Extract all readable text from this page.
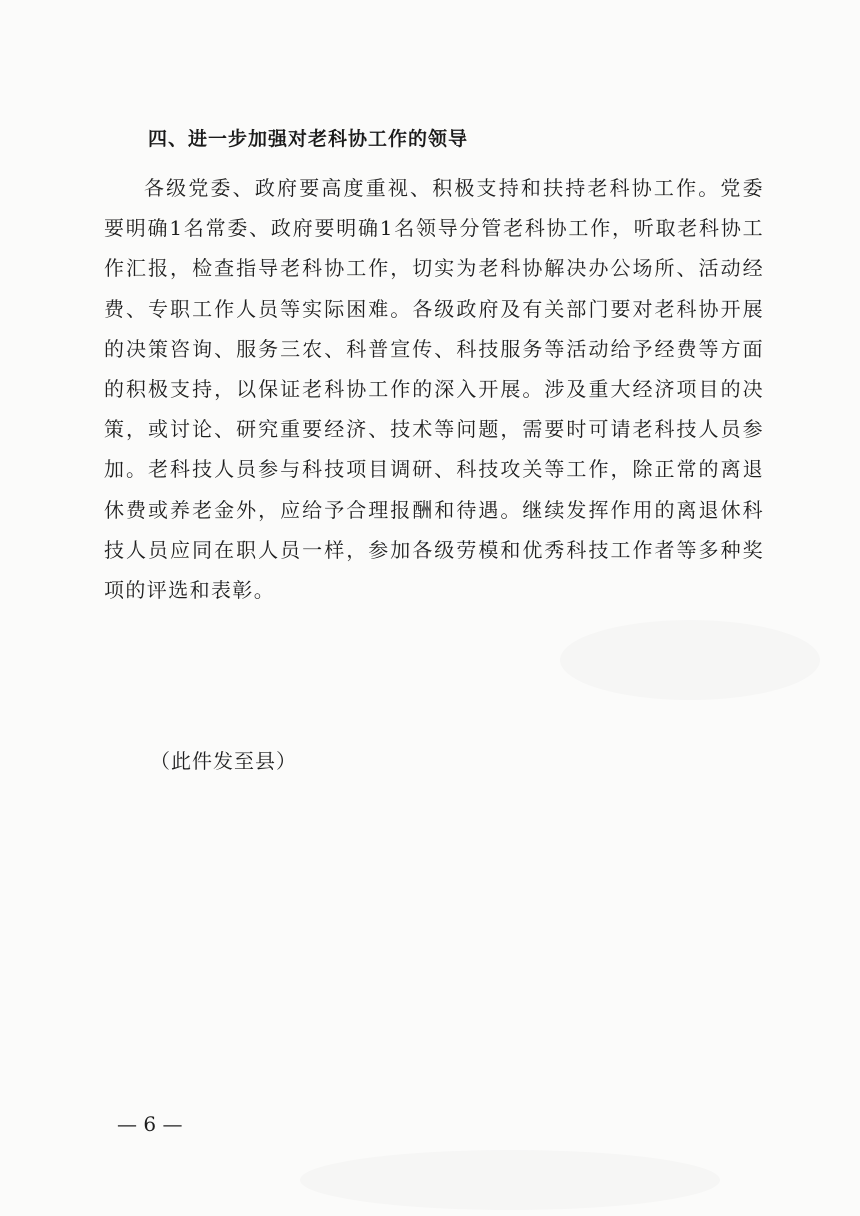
四、进一步加强对老科协工作的领导

各级党委、政府要高度重视、积极支持和扶持老科协工作。党委要明确1名常委、政府要明确1名领导分管老科协工作，听取老科协工作汇报，检查指导老科协工作，切实为老科协解决办公场所、活动经费、专职工作人员等实际困难。各级政府及有关部门要对老科协开展的决策咨询、服务三农、科普宣传、科技服务等活动给予经费等方面的积极支持，以保证老科协工作的深入开展。涉及重大经济项目的决策，或讨论、研究重要经济、技术等问题，需要时可请老科技人员参加。老科技人员参与科技项目调研、科技攻关等工作，除正常的离退休费或养老金外，应给予合理报酬和待遇。继续发挥作用的离退休科技人员应同在职人员一样，参加各级劳模和优秀科技工作者等多种奖项的评选和表彰。

（此件发至县）

— 6 —
